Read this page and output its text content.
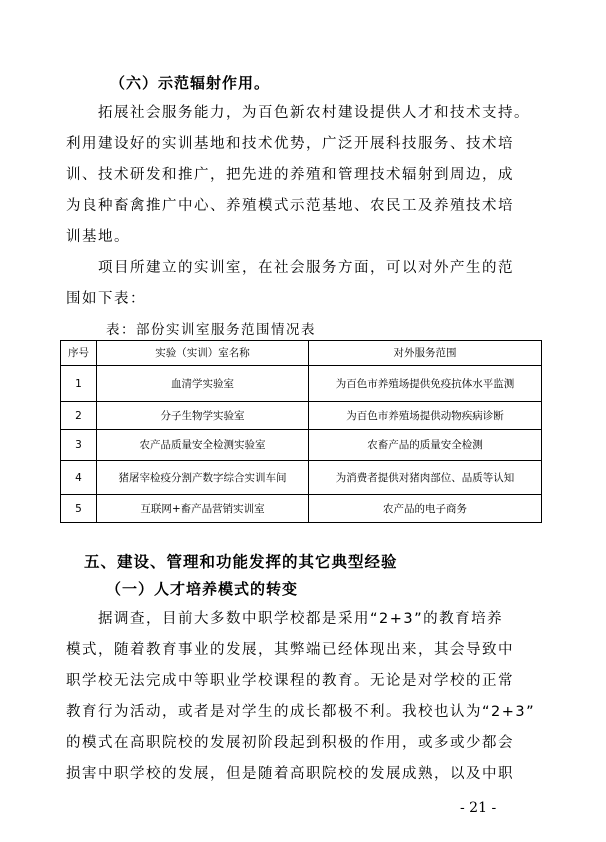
（六）示范辐射作用。
拓展社会服务能力，为百色新农村建设提供人才和技术支持。
利用建设好的实训基地和技术优势，广泛开展科技服务、技术培
训、技术研发和推广，把先进的养殖和管理技术辐射到周边，成
为良种畜禽推广中心、养殖模式示范基地、农民工及养殖技术培
训基地。
项目所建立的实训室，在社会服务方面，可以对外产生的范
围如下表：
表：部份实训室服务范围情况表
序号	实验（实训）室名称	对外服务范围
1	血清学实验室	为百色市养殖场提供免疫抗体水平监测
2	分子生物学实验室	为百色市养殖场提供动物疾病诊断
3	农产品质量安全检测实验室	农畜产品的质量安全检测
4	猪屠宰检疫分割产数字综合实训车间	为消费者提供对猪肉部位、品质等认知
5	互联网+畜产品营销实训室	农产品的电子商务
五、建设、管理和功能发挥的其它典型经验
（一）人才培养模式的转变
据调查，目前大多数中职学校都是采用“2+3”的教育培养
模式，随着教育事业的发展，其弊端已经体现出来，其会导致中
职学校无法完成中等职业学校课程的教育。无论是对学校的正常
教育行为活动，或者是对学生的成长都极不利。我校也认为“2+3”
的模式在高职院校的发展初阶段起到积极的作用，或多或少都会
损害中职学校的发展，但是随着高职院校的发展成熟，以及中职
- 21 -
